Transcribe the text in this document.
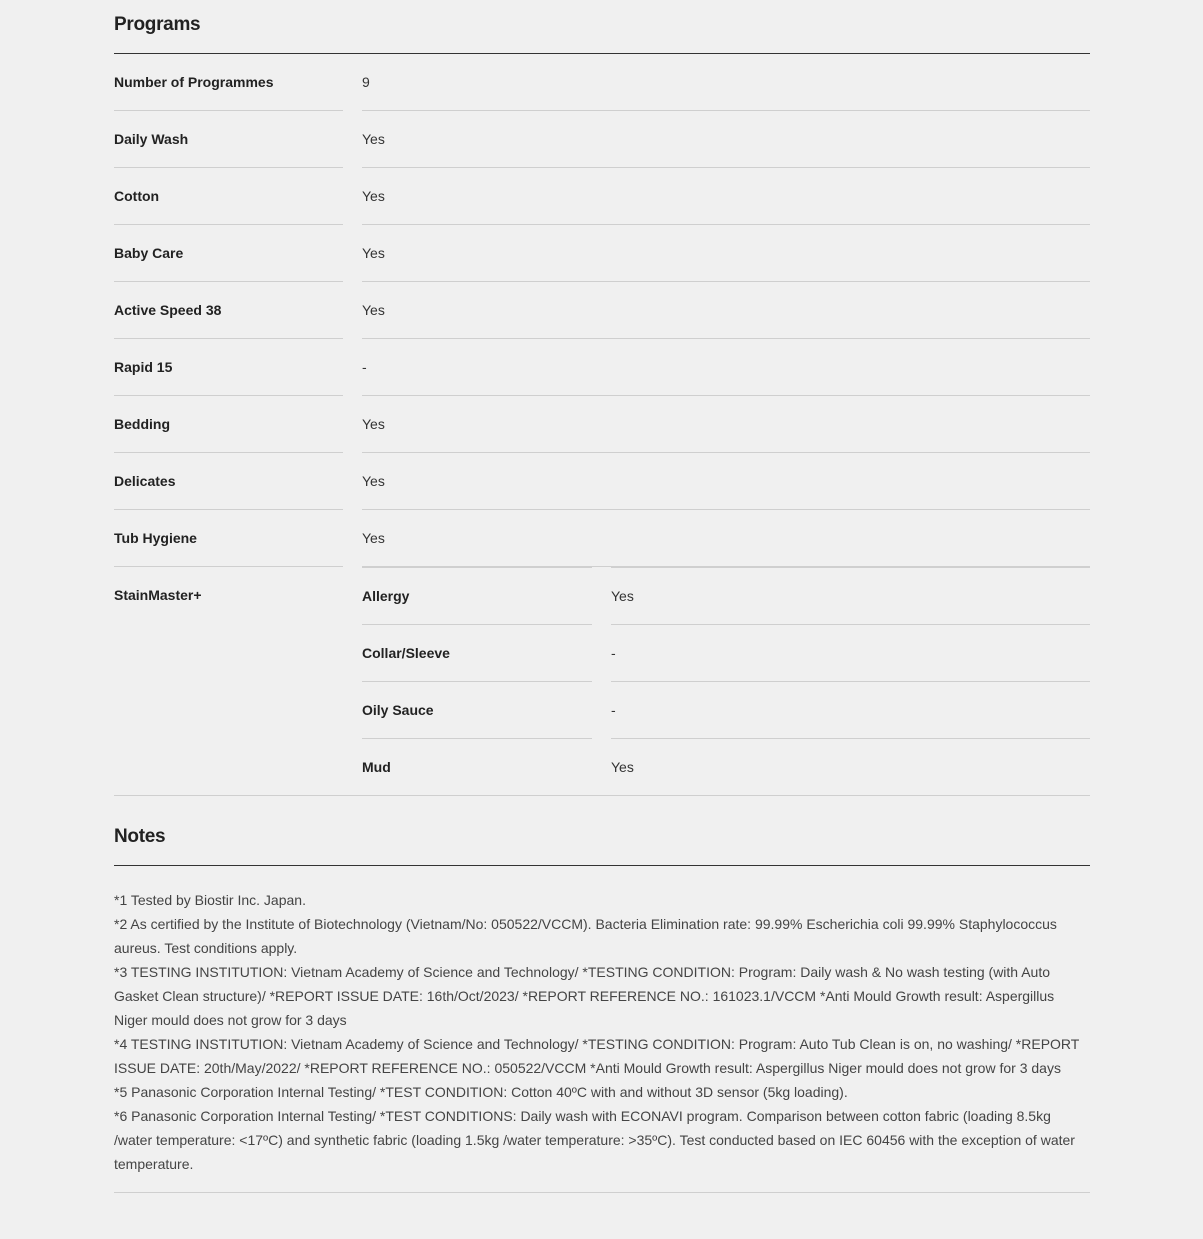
Programs
Number of Programmes	9
Daily Wash	Yes
Cotton	Yes
Baby Care	Yes
Active Speed 38	Yes
Rapid 15	-
Bedding	Yes
Delicates	Yes
Tub Hygiene	Yes
StainMaster+	Allergy	Yes
Collar/Sleeve	-
Oily Sauce	-
Mud	Yes
Notes

*1 Tested by Biostir Inc. Japan.

*2 As certified by the Institute of Biotechnology (Vietnam/No: 050522/VCCM). Bacteria Elimination rate: 99.99% Escherichia coli 99.99% Staphylococcus aureus. Test conditions apply.

*3 TESTING INSTITUTION: Vietnam Academy of Science and Technology/ *TESTING CONDITION: Program: Daily wash & No wash testing (with Auto Gasket Clean structure)/ *REPORT ISSUE DATE: 16th/Oct/2023/ *REPORT REFERENCE NO.: 161023.1/VCCM *Anti Mould Growth result: Aspergillus Niger mould does not grow for 3 days

*4 TESTING INSTITUTION: Vietnam Academy of Science and Technology/ *TESTING CONDITION: Program: Auto Tub Clean is on, no washing/ *REPORT ISSUE DATE: 20th/May/2022/ *REPORT REFERENCE NO.: 050522/VCCM *Anti Mould Growth result: Aspergillus Niger mould does not grow for 3 days

*5 Panasonic Corporation Internal Testing/ *TEST CONDITION: Cotton 40ºC with and without 3D sensor (5kg loading).

*6 Panasonic Corporation Internal Testing/ *TEST CONDITIONS: Daily wash with ECONAVI program. Comparison between cotton fabric (loading 8.5kg /water temperature: <17ºC) and synthetic fabric (loading 1.5kg /water temperature: >35ºC). Test conducted based on IEC 60456 with the exception of water temperature.
